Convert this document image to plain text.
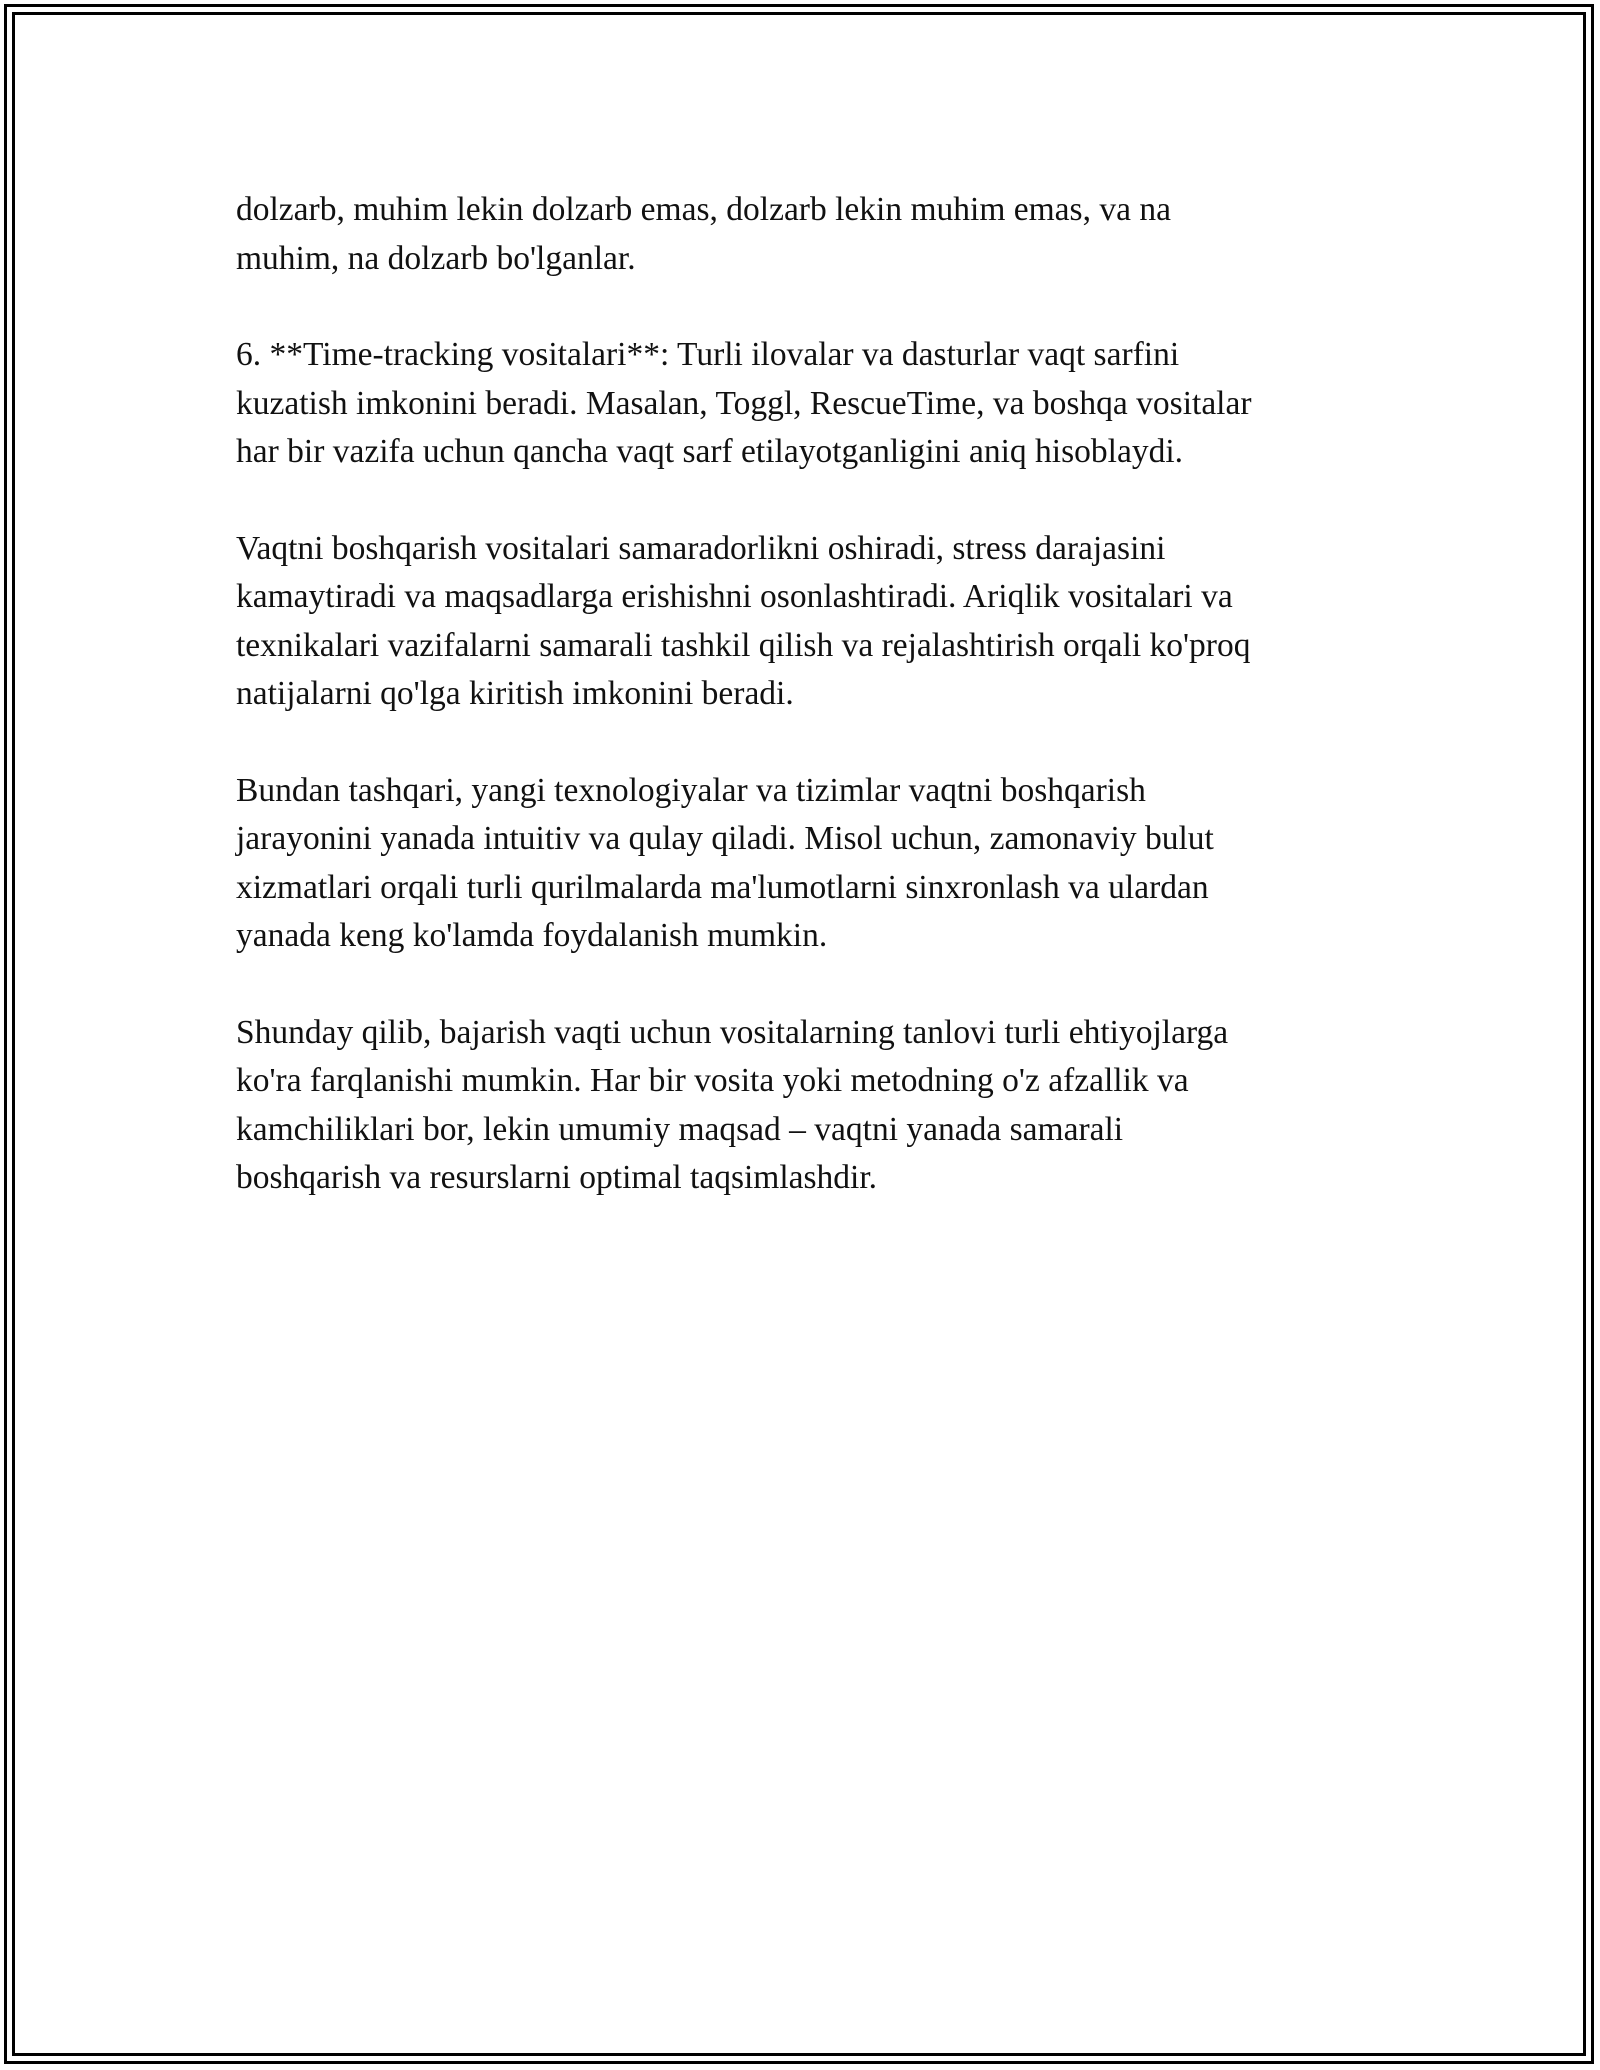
dolzarb, muhim lekin dolzarb emas, dolzarb lekin muhim emas, va na
muhim, na dolzarb bo'lganlar.

6. **Time-tracking vositalari**: Turli ilovalar va dasturlar vaqt sarfini
kuzatish imkonini beradi. Masalan, Toggl, RescueTime, va boshqa vositalar
har bir vazifa uchun qancha vaqt sarf etilayotganligini aniq hisoblaydi.

Vaqtni boshqarish vositalari samaradorlikni oshiradi, stress darajasini
kamaytiradi va maqsadlarga erishishni osonlashtiradi. Ariqlik vositalari va
texnikalari vazifalarni samarali tashkil qilish va rejalashtirish orqali ko'proq
natijalarni qo'lga kiritish imkonini beradi.

Bundan tashqari, yangi texnologiyalar va tizimlar vaqtni boshqarish
jarayonini yanada intuitiv va qulay qiladi. Misol uchun, zamonaviy bulut
xizmatlari orqali turli qurilmalarda ma'lumotlarni sinxronlash va ulardan
yanada keng ko'lamda foydalanish mumkin.

Shunday qilib, bajarish vaqti uchun vositalarning tanlovi turli ehtiyojlarga
ko'ra farqlanishi mumkin. Har bir vosita yoki metodning o'z afzallik va
kamchiliklari bor, lekin umumiy maqsad – vaqtni yanada samarali
boshqarish va resurslarni optimal taqsimlashdir.
